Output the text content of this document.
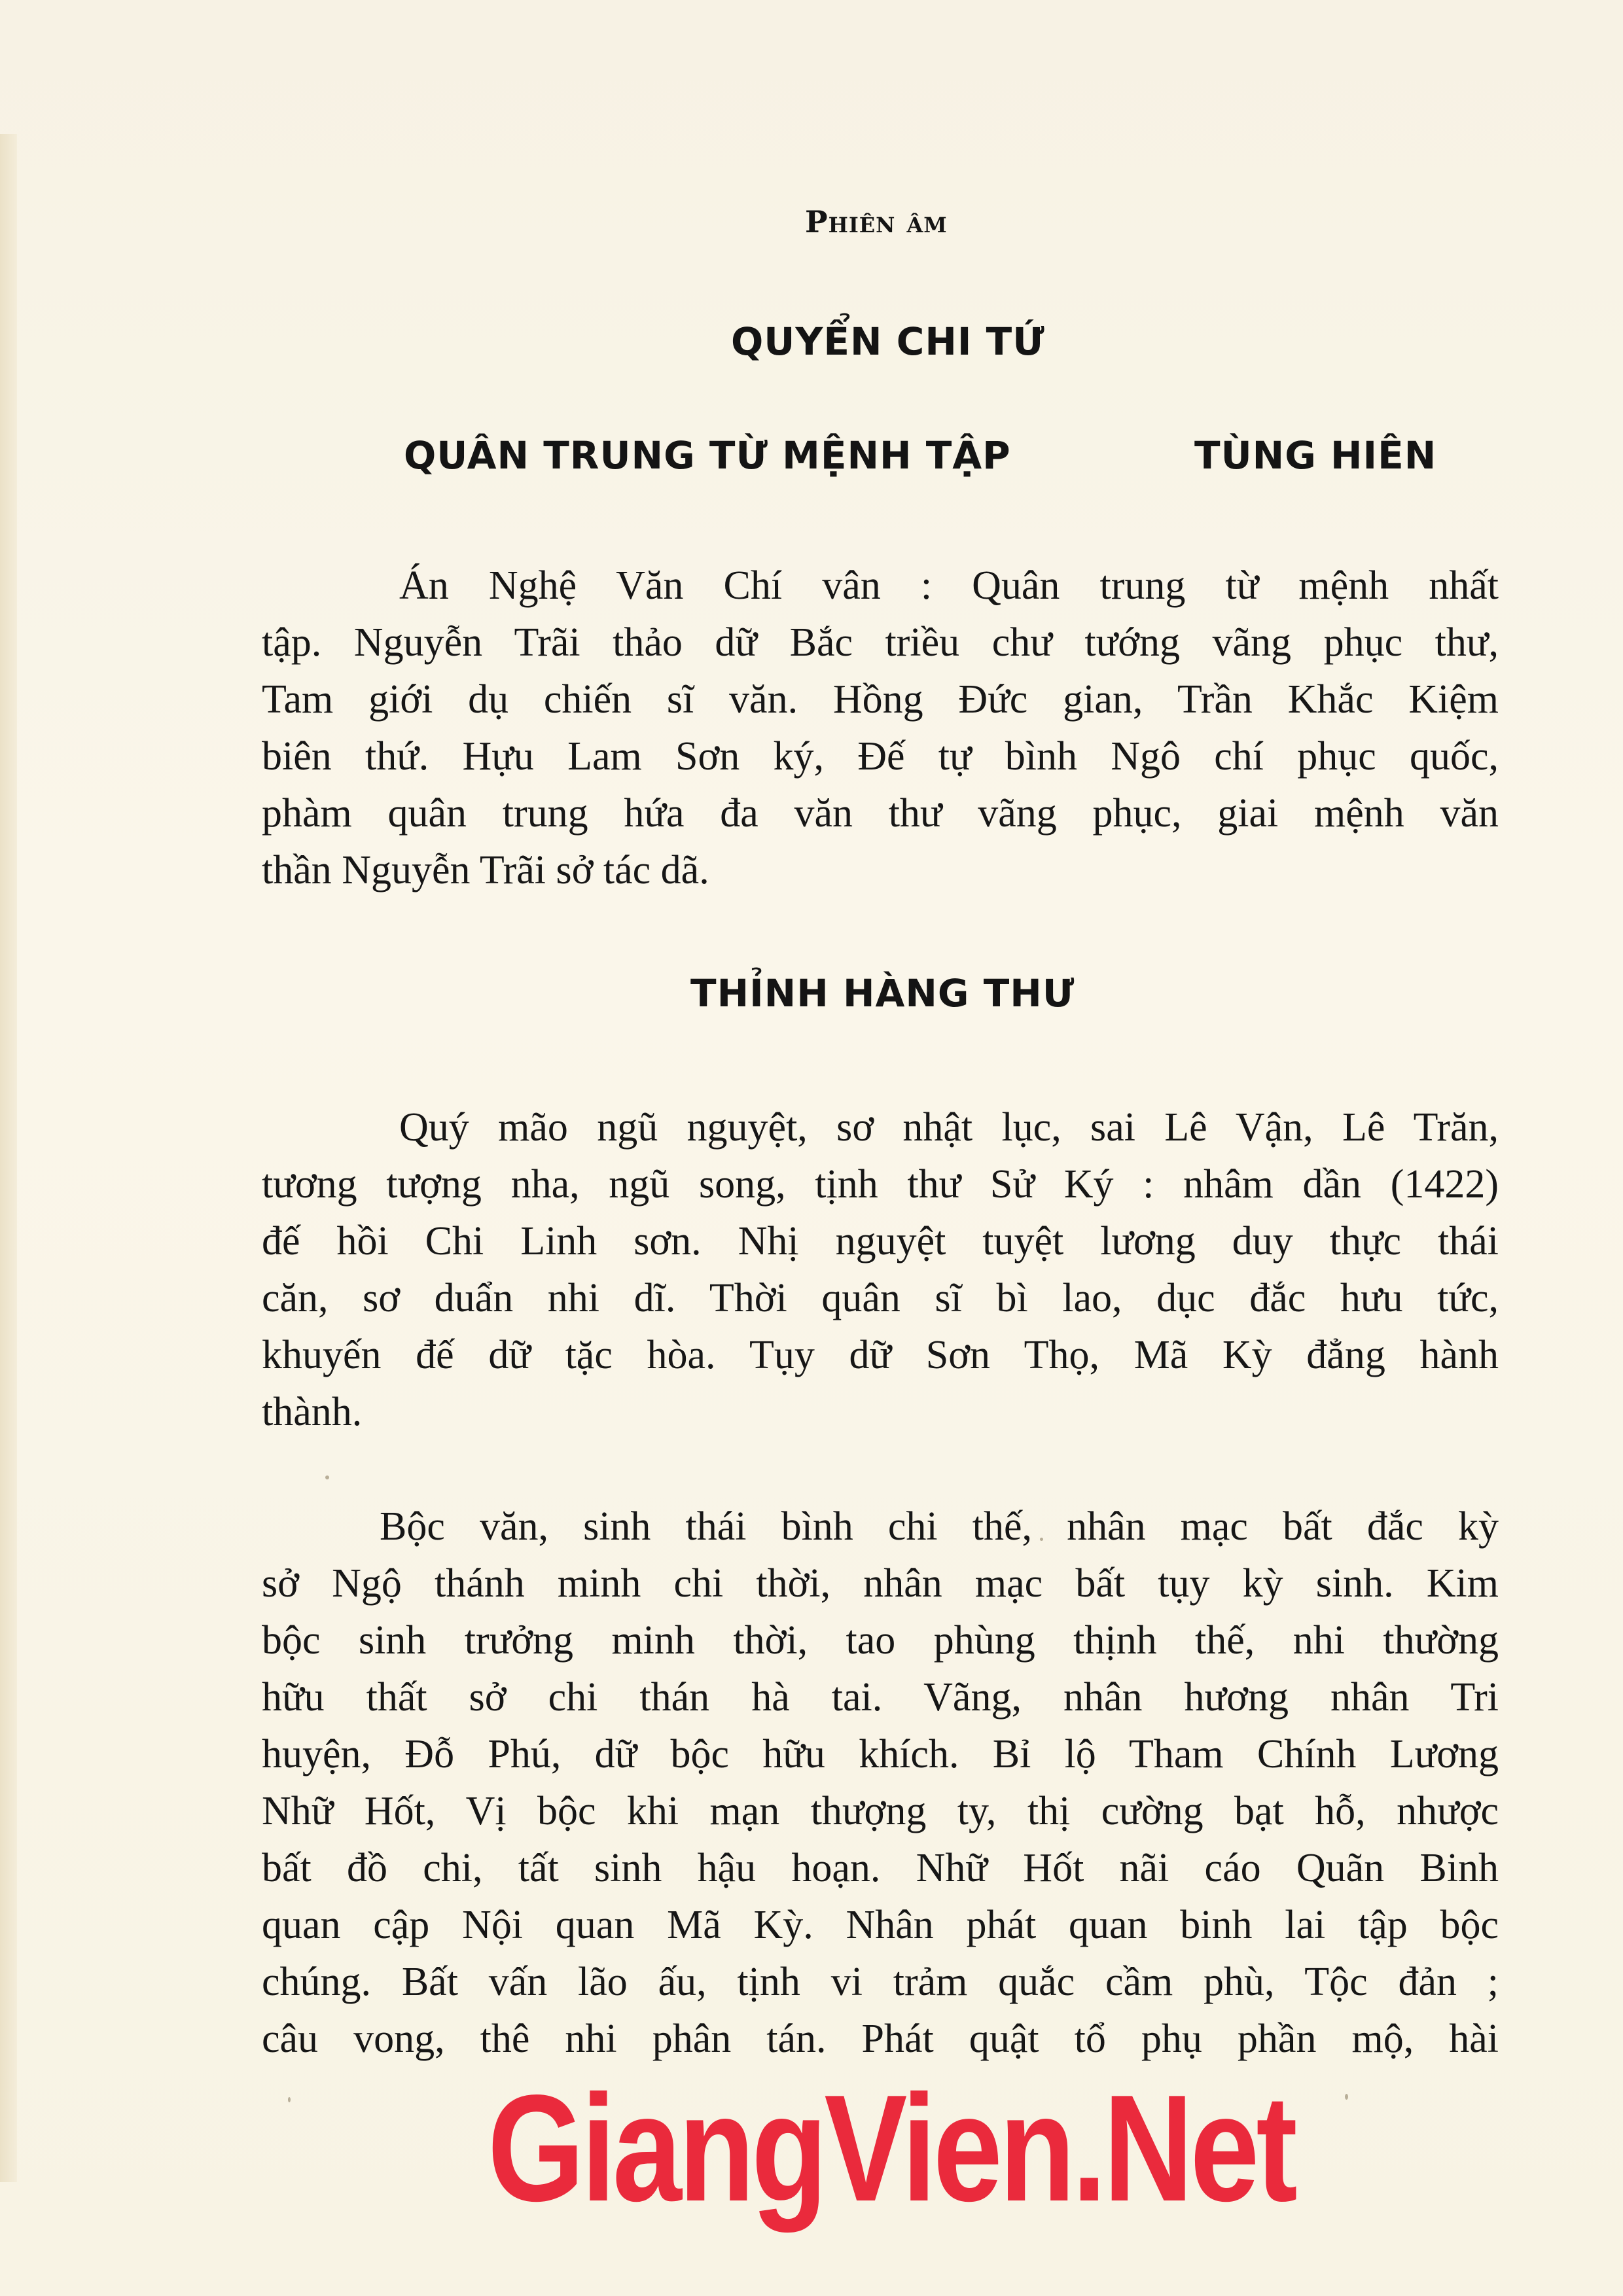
Phiên âm
QUYỂN CHI TỨ
QUÂN TRUNG TỪ MỆNH TẬP	TÙNG HIÊN
Án Nghệ Văn Chí vân : Quân trung từ mệnh nhất
tập. Nguyễn Trãi thảo dữ Bắc triều chư tướng vãng phục thư,
Tam giới dụ chiến sĩ văn. Hồng Đức gian, Trần Khắc Kiệm
biên thứ. Hựu Lam Sơn ký, Đế tự bình Ngô chí phục quốc,
phàm quân trung hứa đa văn thư vãng phục, giai mệnh văn
thần Nguyễn Trãi sở tác dã.
THỈNH HÀNG THƯ
Quý mão ngũ nguyệt, sơ nhật lục, sai Lê Vận, Lê Trăn,
tương tượng nha, ngũ song, tịnh thư Sử Ký : nhâm dần (1422)
đế hồi Chi Linh sơn. Nhị nguyệt tuyệt lương duy thực thái
căn, sơ duẩn nhi dĩ. Thời quân sĩ bì lao, dục đắc hưu tức,
khuyến đế dữ tặc hòa. Tụy dữ Sơn Thọ, Mã Kỳ đẳng hành
thành.
Bộc văn, sinh thái bình chi thế, nhân mạc bất đắc kỳ
sở Ngộ thánh minh chi thời, nhân mạc bất tụy kỳ sinh. Kim
bộc sinh trưởng minh thời, tao phùng thịnh thế, nhi thường
hữu thất sở chi thán hà tai. Vãng, nhân hương nhân Tri
huyện, Đỗ Phú, dữ bộc hữu khích. Bỉ lộ Tham Chính Lương
Nhữ Hốt, Vị bộc khi mạn thượng ty, thị cường bạt hỗ, nhược
bất đồ chi, tất sinh hậu hoạn. Nhữ Hốt nãi cáo Quãn Binh
quan cập Nội quan Mã Kỳ. Nhân phát quan binh lai tập bộc
chúng. Bất vấn lão ấu, tịnh vi trảm quắc cầm phù, Tộc đản ;
câu vong, thê nhi phân tán. Phát quật tổ phụ phần mộ, hài
GiangVien.Net
